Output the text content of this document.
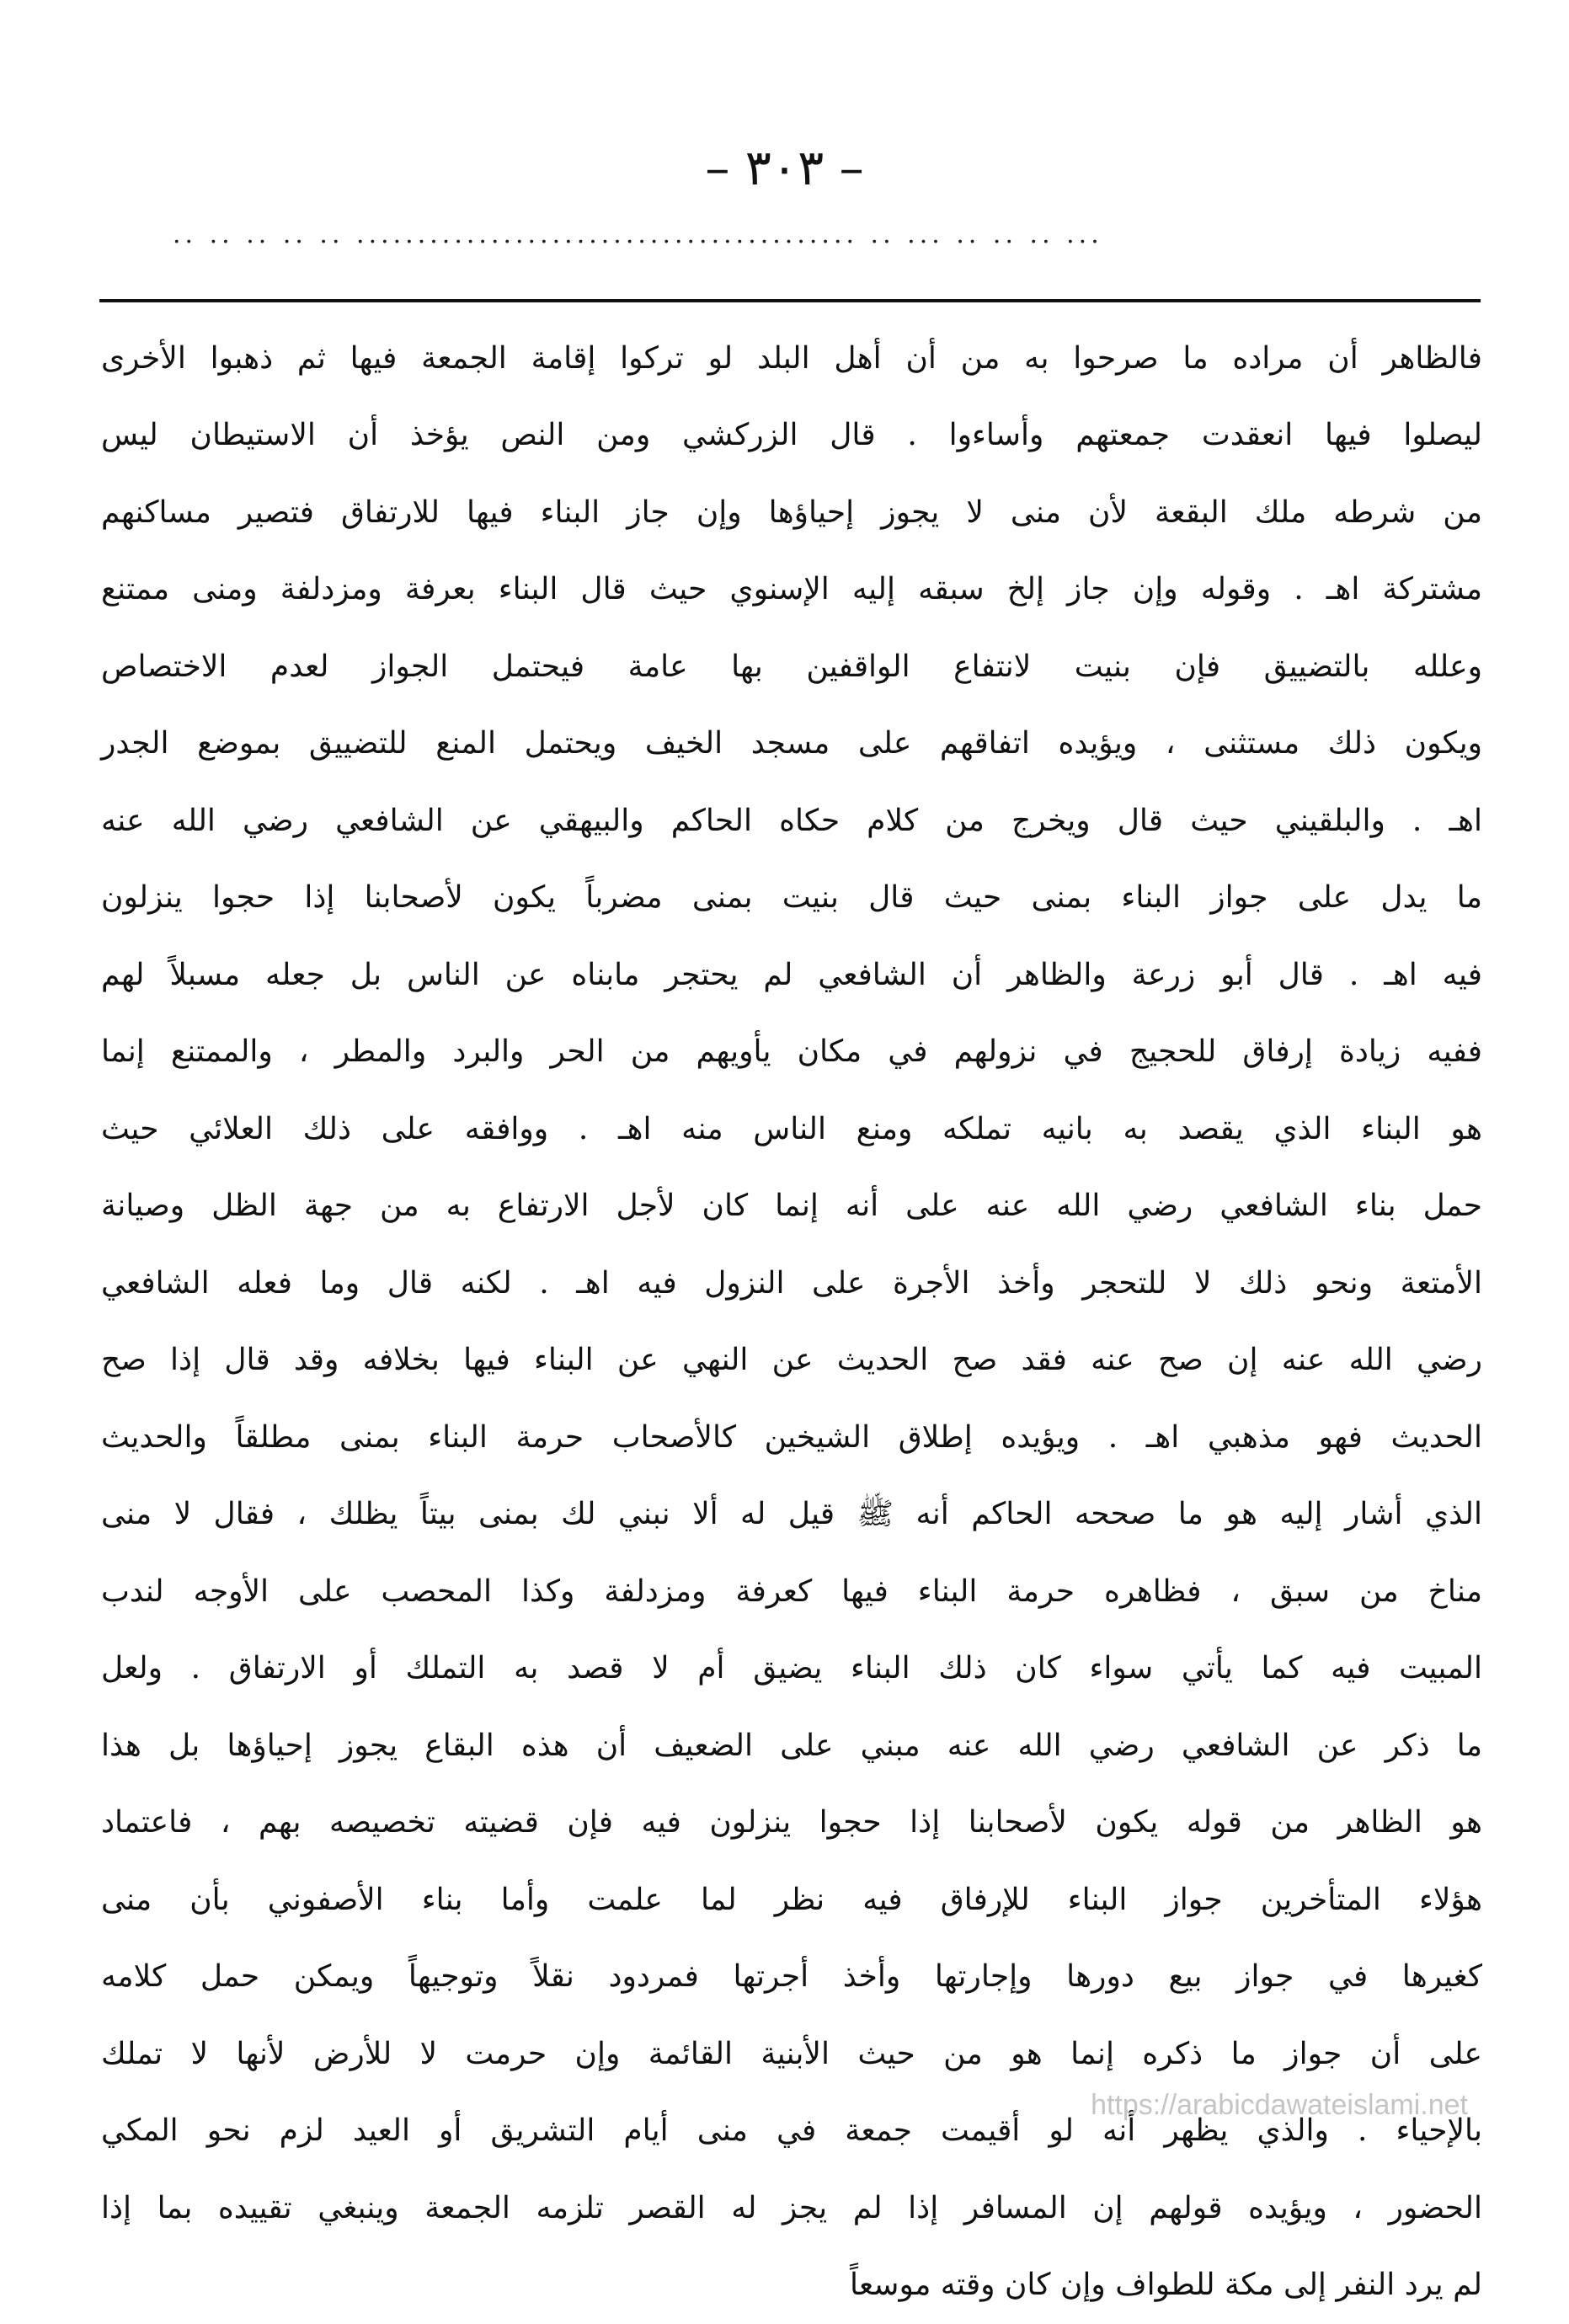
– ٣٠٣ –
·· ·· ·· ·· ·· ········································· ·· ··· ·· ·· ·· ···
فالظاهر أن مراده ما صرحوا به من أن أهل البلد لو تركوا إقامة الجمعة فيها ثم ذهبوا الأخرى
ليصلوا فيها انعقدت جمعتهم وأساءوا . قال الزركشي ومن النص يؤخذ أن الاستيطان ليس
من شرطه ملك البقعة لأن منى لا يجوز إحياؤها وإن جاز البناء فيها للارتفاق فتصير مساكنهم
مشتركة اهـ . وقوله وإن جاز إلخ سبقه إليه الإسنوي حيث قال البناء بعرفة ومزدلفة ومنى ممتنع
وعلله بالتضييق فإن بنيت لانتفاع الواقفين بها عامة فيحتمل الجواز لعدم الاختصاص
ويكون ذلك مستثنى ، ويؤيده اتفاقهم على مسجد الخيف ويحتمل المنع للتضييق بموضع الجدر
اهـ . والبلقيني حيث قال ويخرج من كلام حكاه الحاكم والبيهقي عن الشافعي رضي الله عنه
ما يدل على جواز البناء بمنى حيث قال بنيت بمنى مضرباً يكون لأصحابنا إذا حجوا ينزلون
فيه اهـ . قال أبو زرعة والظاهر أن الشافعي لم يحتجر مابناه عن الناس بل جعله مسبلاً لهم
ففيه زيادة إرفاق للحجيج في نزولهم في مكان يأويهم من الحر والبرد والمطر ، والممتنع إنما
هو البناء الذي يقصد به بانيه تملكه ومنع الناس منه اهـ . ووافقه على ذلك العلائي حيث
حمل بناء الشافعي رضي الله عنه على أنه إنما كان لأجل الارتفاع به من جهة الظل وصيانة
الأمتعة ونحو ذلك لا للتحجر وأخذ الأجرة على النزول فيه اهـ . لكنه قال وما فعله الشافعي
رضي الله عنه إن صح عنه فقد صح الحديث عن النهي عن البناء فيها بخلافه وقد قال إذا صح
الحديث فهو مذهبي اهـ . ويؤيده إطلاق الشيخين كالأصحاب حرمة البناء بمنى مطلقاً والحديث
الذي أشار إليه هو ما صححه الحاكم أنه ﷺ قيل له ألا نبني لك بمنى بيتاً يظلك ، فقال لا منى
مناخ من سبق ، فظاهره حرمة البناء فيها كعرفة ومزدلفة وكذا المحصب على الأوجه لندب
المبيت فيه كما يأتي سواء كان ذلك البناء يضيق أم لا قصد به التملك أو الارتفاق . ولعل
ما ذكر عن الشافعي رضي الله عنه مبني على الضعيف أن هذه البقاع يجوز إحياؤها بل هذا
هو الظاهر من قوله يكون لأصحابنا إذا حجوا ينزلون فيه فإن قضيته تخصيصه بهم ، فاعتماد
هؤلاء المتأخرين جواز البناء للإرفاق فيه نظر لما علمت وأما بناء الأصفوني بأن منى
كغيرها في جواز بيع دورها وإجارتها وأخذ أجرتها فمردود نقلاً وتوجيهاً ويمكن حمل كلامه
على أن جواز ما ذكره إنما هو من حيث الأبنية القائمة وإن حرمت لا للأرض لأنها لا تملك
بالإحياء . والذي يظهر أنه لو أقيمت جمعة في منى أيام التشريق أو العيد لزم نحو المكي
الحضور ، ويؤيده قولهم إن المسافر إذا لم يجز له القصر تلزمه الجمعة وينبغي تقييده بما إذا
لم يرد النفر إلى مكة للطواف وإن كان وقته موسعاً
https://arabicdawateislami.net
